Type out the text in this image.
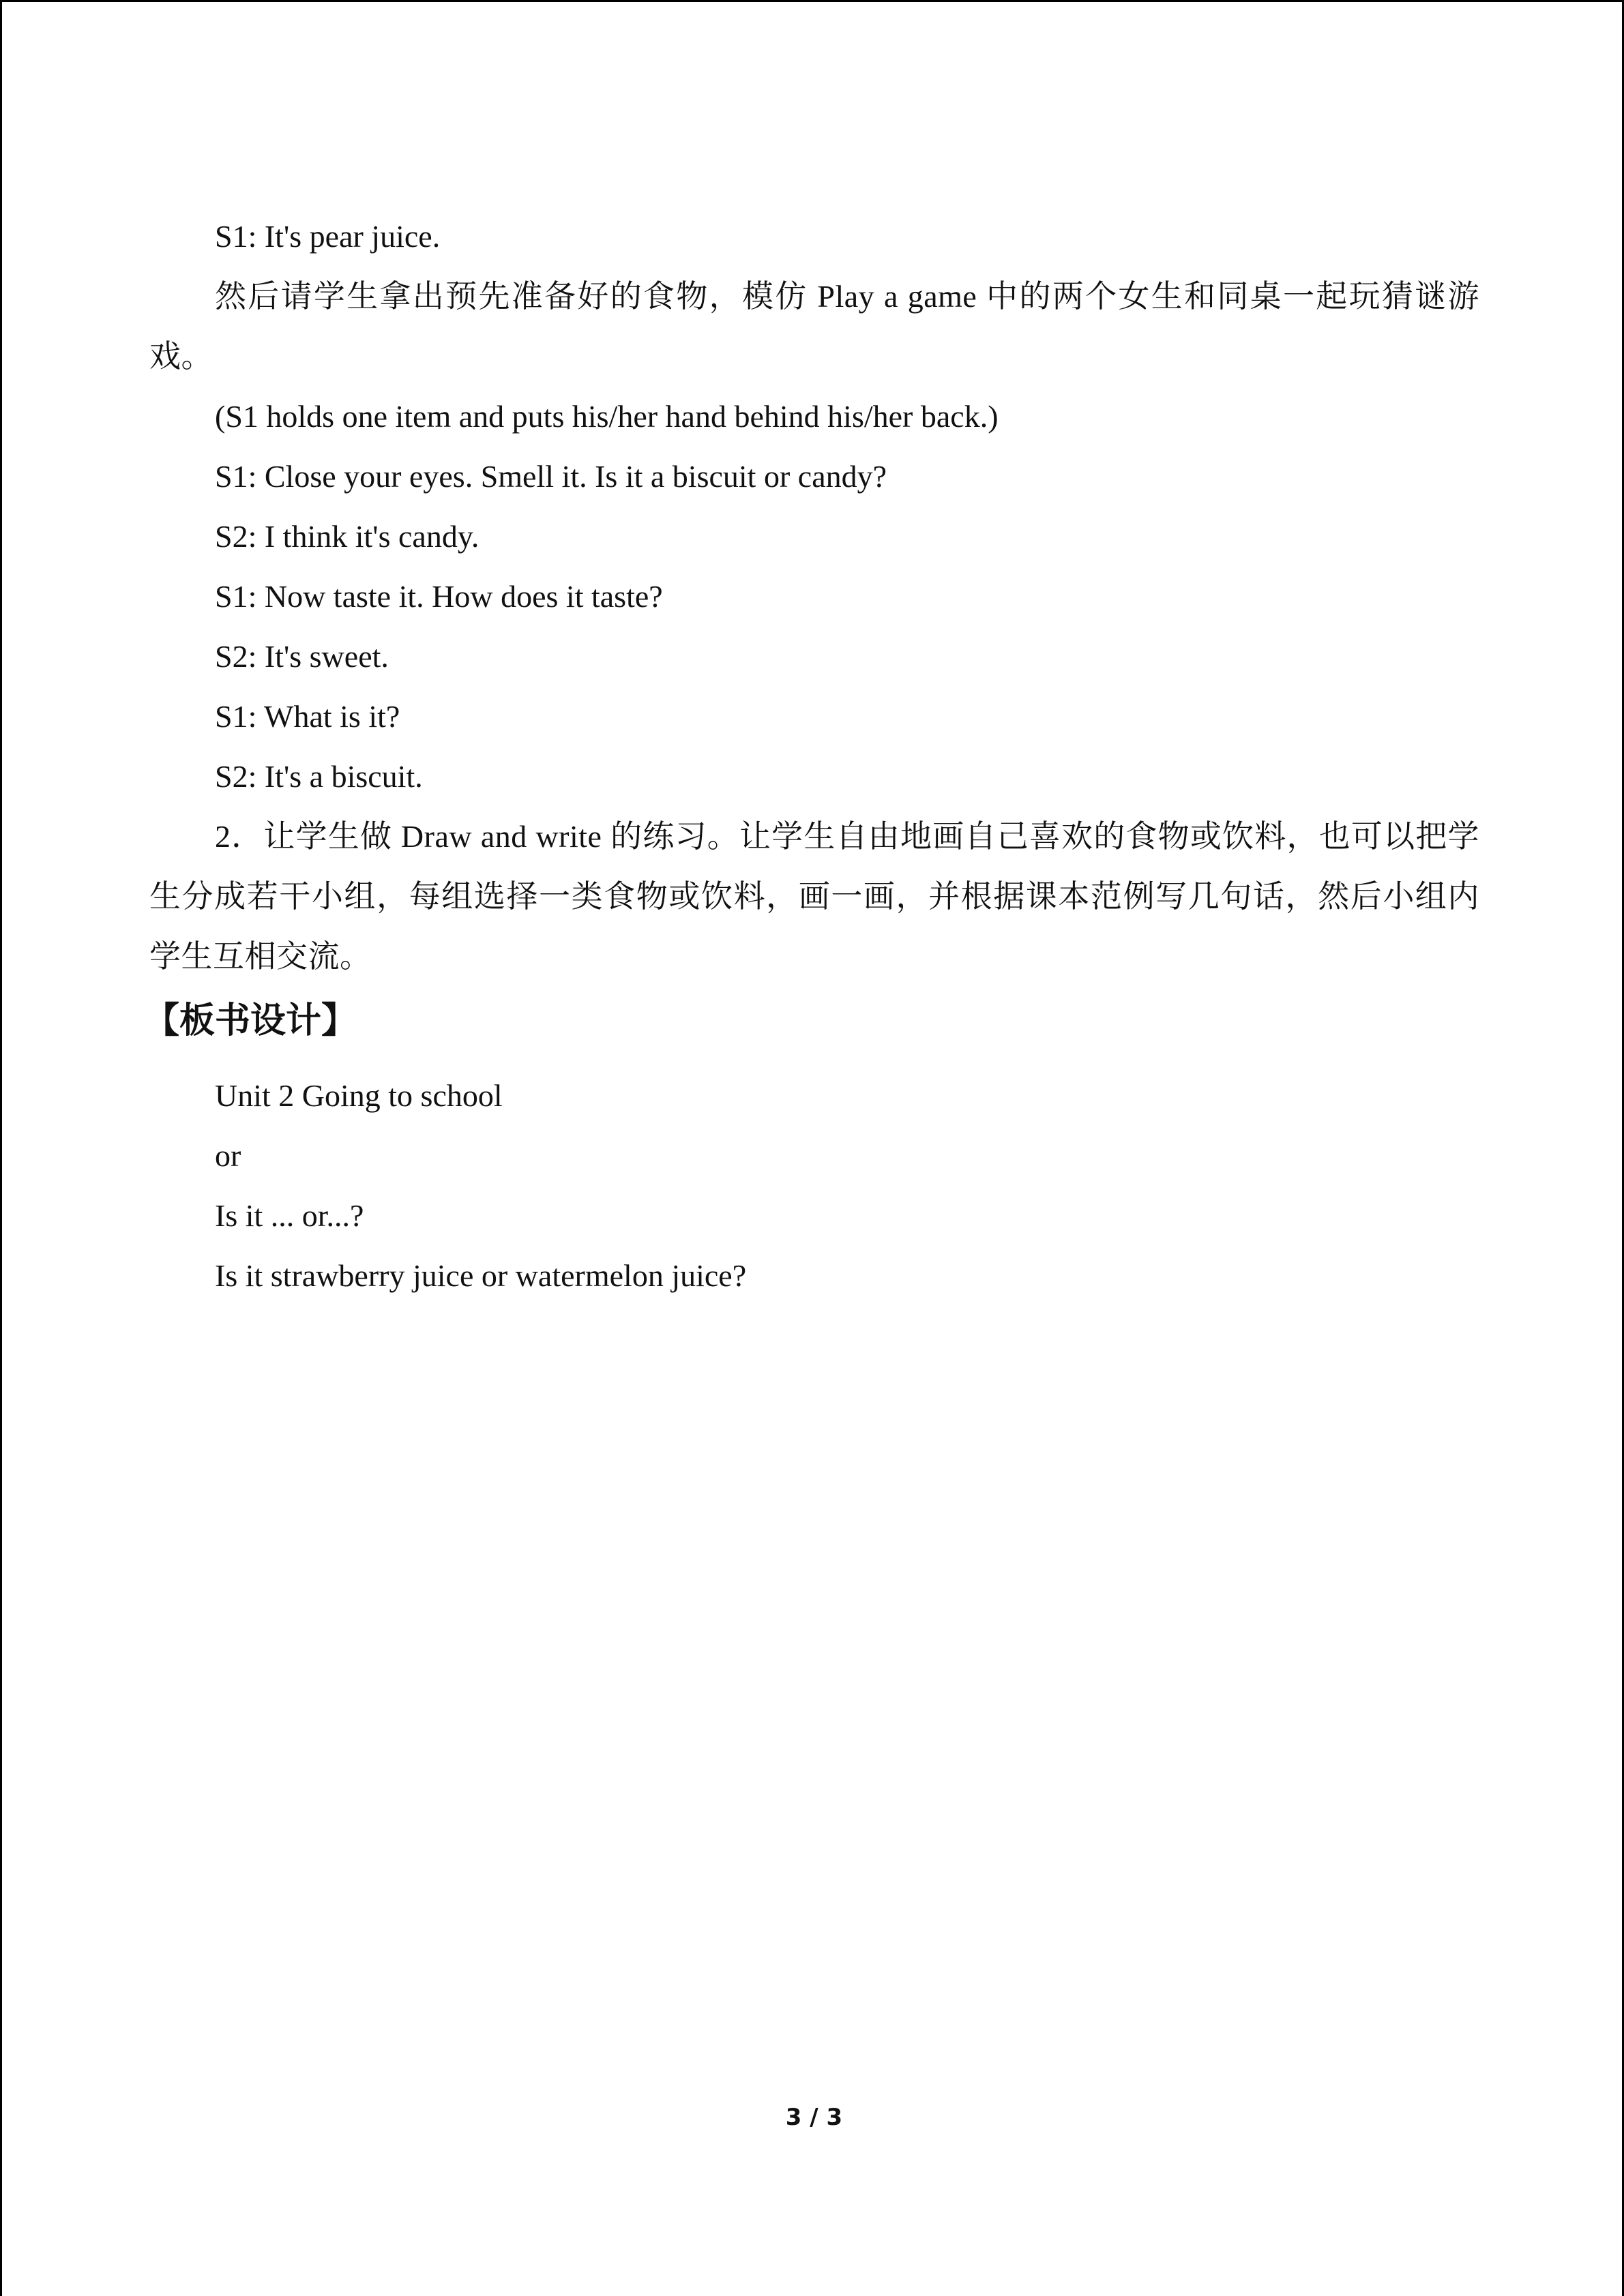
S1: It's pear juice.

然后请学生拿出预先准备好的食物，模仿 Play a game 中的两个女生和同桌一起玩猜谜游戏。

(S1 holds one item and puts his/her hand behind his/her back.)

S1: Close your eyes. Smell it. Is it a biscuit or candy?

S2: I think it's candy.

S1: Now taste it. How does it taste?

S2: It's sweet.

S1: What is it?

S2: It's a biscuit.

2．让学生做 Draw and write 的练习。让学生自由地画自己喜欢的食物或饮料，也可以把学生分成若干小组，每组选择一类食物或饮料，画一画，并根据课本范例写几句话，然后小组内学生互相交流。

【板书设计】

Unit 2 Going to school

or

Is it ... or...?

Is it strawberry juice or watermelon juice?

3 / 3
